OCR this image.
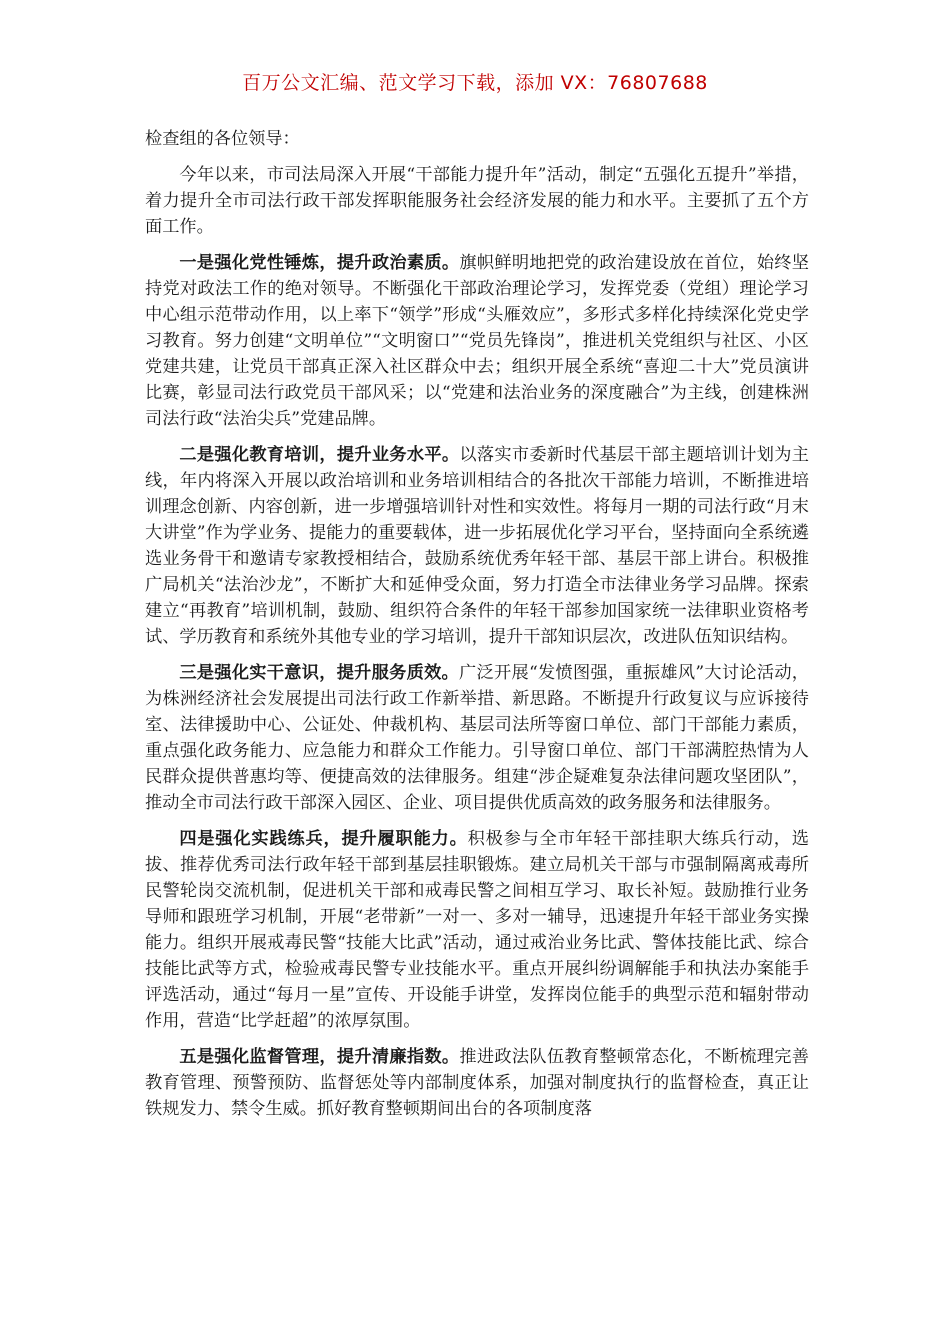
百万公文汇编、范文学习下载，添加 VX：76807688

检查组的各位领导：

今年以来，市司法局深入开展“干部能力提升年”活动，制定“五强化五提升”举措，着力提升全市司法行政干部发挥职能服务社会经济发展的能力和水平。主要抓了五个方面工作。

一是强化党性锤炼，提升政治素质。旗帜鲜明地把党的政治建设放在首位，始终坚持党对政法工作的绝对领导。不断强化干部政治理论学习，发挥党委（党组）理论学习中心组示范带动作用，以上率下“领学”形成“头雁效应”，多形式多样化持续深化党史学习教育。努力创建“文明单位”“文明窗口”“党员先锋岗”，推进机关党组织与社区、小区党建共建，让党员干部真正深入社区群众中去；组织开展全系统“喜迎二十大”党员演讲比赛，彰显司法行政党员干部风采；以“党建和法治业务的深度融合”为主线，创建株洲司法行政“法治尖兵”党建品牌。

二是强化教育培训，提升业务水平。以落实市委新时代基层干部主题培训计划为主线，年内将深入开展以政治培训和业务培训相结合的各批次干部能力培训，不断推进培训理念创新、内容创新，进一步增强培训针对性和实效性。将每月一期的司法行政“月末大讲堂”作为学业务、提能力的重要载体，进一步拓展优化学习平台，坚持面向全系统遴选业务骨干和邀请专家教授相结合，鼓励系统优秀年轻干部、基层干部上讲台。积极推广局机关“法治沙龙”，不断扩大和延伸受众面，努力打造全市法律业务学习品牌。探索建立“再教育”培训机制，鼓励、组织符合条件的年轻干部参加国家统一法律职业资格考试、学历教育和系统外其他专业的学习培训，提升干部知识层次，改进队伍知识结构。

三是强化实干意识，提升服务质效。广泛开展“发愤图强，重振雄风”大讨论活动，为株洲经济社会发展提出司法行政工作新举措、新思路。不断提升行政复议与应诉接待室、法律援助中心、公证处、仲裁机构、基层司法所等窗口单位、部门干部能力素质，重点强化政务能力、应急能力和群众工作能力。引导窗口单位、部门干部满腔热情为人民群众提供普惠均等、便捷高效的法律服务。组建“涉企疑难复杂法律问题攻坚团队”，推动全市司法行政干部深入园区、企业、项目提供优质高效的政务服务和法律服务。

四是强化实践练兵，提升履职能力。积极参与全市年轻干部挂职大练兵行动，选拔、推荐优秀司法行政年轻干部到基层挂职锻炼。建立局机关干部与市强制隔离戒毒所民警轮岗交流机制，促进机关干部和戒毒民警之间相互学习、取长补短。鼓励推行业务导师和跟班学习机制，开展“老带新”一对一、多对一辅导，迅速提升年轻干部业务实操能力。组织开展戒毒民警“技能大比武”活动，通过戒治业务比武、警体技能比武、综合技能比武等方式，检验戒毒民警专业技能水平。重点开展纠纷调解能手和执法办案能手评选活动，通过“每月一星”宣传、开设能手讲堂，发挥岗位能手的典型示范和辐射带动作用，营造“比学赶超”的浓厚氛围。

五是强化监督管理，提升清廉指数。推进政法队伍教育整顿常态化，不断梳理完善教育管理、预警预防、监督惩处等内部制度体系，加强对制度执行的监督检查，真正让铁规发力、禁令生威。抓好教育整顿期间出台的各项制度落
